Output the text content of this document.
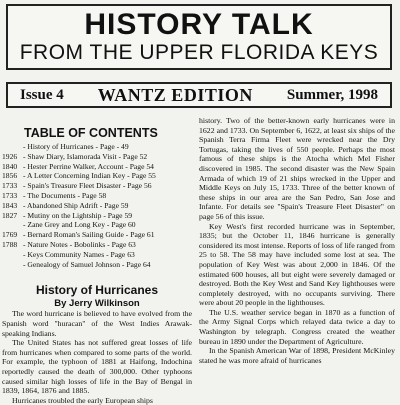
HISTORY TALK
FROM THE UPPER FLORIDA KEYS
Issue 4 WANTZ EDITION Summer, 1998
TABLE OF CONTENTS
- History of Hurricanes - Page - 49
1926 - Shaw Diary, Islamorada Visit - Page 52
1840 - Hester Perrine Walker, Account - Page 54
1856 - A Letter Concerning Indian Key - Page 55
1733 - Spain's Treasure Fleet Disaster - Page 56
1733 - The Documents - Page 58
1843 - Abandoned Ship Adrift - Page 59
1827 - Mutiny on the Lightship - Page 59
- Zane Grey and Long Key - Page 60
1769 - Bernard Roman's Sailing Guide - Page 61
1788 - Nature Notes - Bobolinks - Page 63
- Keys Community Names - Page 63
- Genealogy of Samuel Johnson - Page 64
History of Hurricanes
By Jerry Wilkinson

The word hurricane is believed to have evolved from the Spanish word "huracan" of the West Indies Arawak-speaking Indians.

The United States has not suffered great losses of life from hurricanes when compared to some parts of the world. For example, the typhoon of 1881 at Haifong, Indochina reportedly caused the death of 300,000. Other typhoons caused similar high losses of life in the Bay of Bengal in 1839, 1864, 1876 and 1885.

Hurricanes troubled the early European ships

history. Two of the better-known early hurricanes were in 1622 and 1733. On September 6, 1622, at least six ships of the Spanish Terra Firma Fleet were wrecked near the Dry Tortugas, taking the lives of 550 people. Perhaps the most famous of these ships is the Atocha which Mel Fisher discovered in 1985. The second disaster was the New Spain Armada of which 19 of 21 ships wrecked in the Upper and Middle Keys on July 15, 1733. Three of the better known of these ships in our area are the San Pedro, San Jose and Infante. For details see "Spain's Treasure Fleet Disaster" on page 56 of this issue.

Key West's first recorded hurricane was in September, 1835; but the October 11, 1846 hurricane is generally considered its most intense. Reports of loss of life ranged from 25 to 58. The 58 may have included some lost at sea. The population of Key West was about 2,000 in 1846. Of the estimated 600 houses, all but eight were severely damaged or destroyed. Both the Key West and Sand Key lighthouses were completely destroyed, with no occupants surviving. There were about 20 people in the lighthouses.

The U.S. weather service began in 1870 as a function of the Army Signal Corps which relayed data twice a day to Washington by telegraph. Congress created the weather bureau in 1890 under the Department of Agriculture.

In the Spanish American War of 1898, President McKinley stated he was more afraid of hurricanes
